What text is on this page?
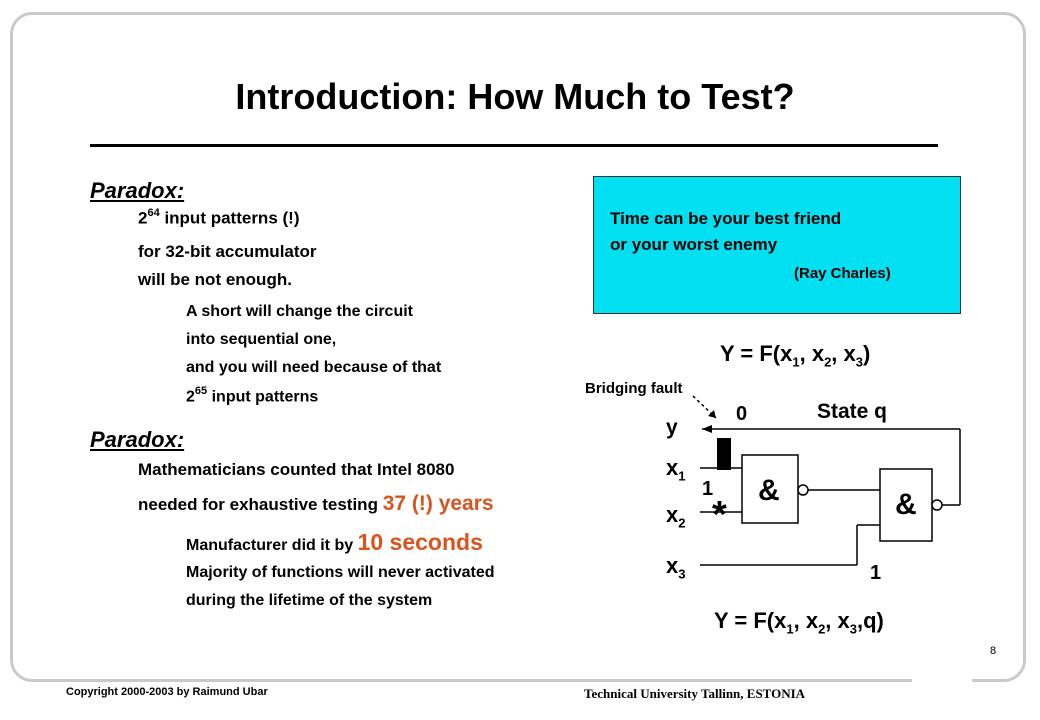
Introduction: How Much to Test?
Paradox:
$2^{64}$ input patterns (!)
for 32-bit accumulator
will be not enough.
A short will change the circuit
into sequential one,
and you will need because of that
$2^{65}$ input patterns
Paradox:
Mathematicians counted that Intel 8080
needed for exhaustive testing 37 (!) years
Manufacturer did it by 10 seconds
Majority of functions will never activated
during the lifetime of the system
Time can be your best friend
or your worst enemy
(Ray Charles)
$Y = F(x_1$, $x_2$, $x_3$)
Bridging fault
0	State q
y
$x_1$
1 &	&
$x_2$ *
$x_3$	1
$Y = F(x_1$, $x_2$, $x_3,q$)
8
Copyright 2000-2003 by Raimund Ubar	Technical University Tallinn, ESTONIA
